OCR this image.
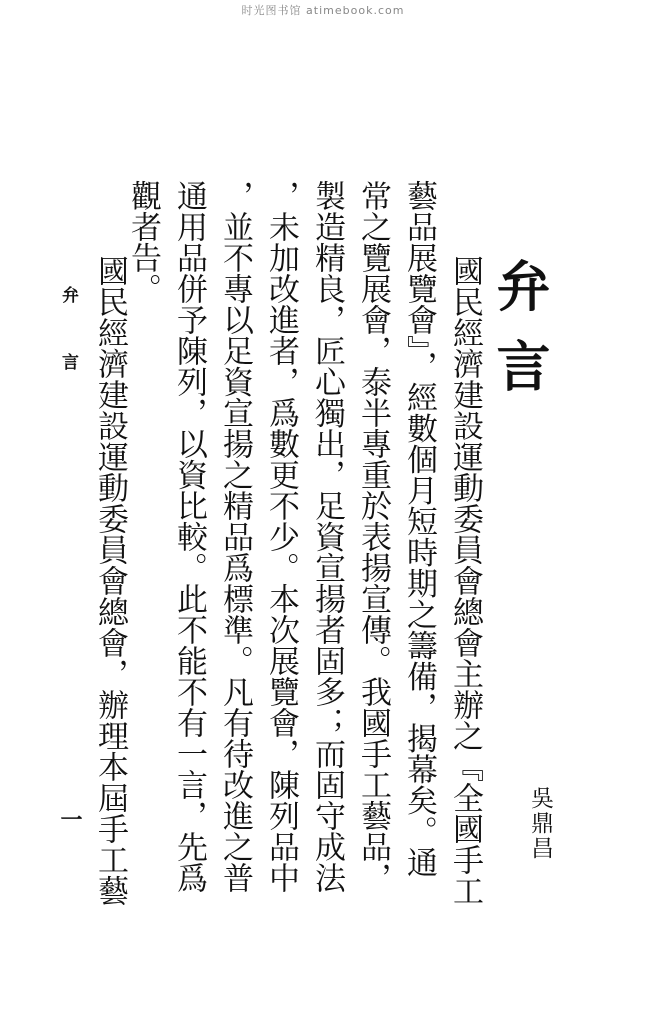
时光图书馆 atimebook.com
弁言
國民經濟建設運動委員會總會主辦之『全國手工
藝品展覽會』，經數個月短時期之籌備，揭幕矣。通
常之覽展會，泰半專重於表揚宣傳。我國手工藝品，
製造精良，匠心獨出，足資宣揚者固多；而固守成法
，未加改進者，爲數更不少。本次展覽會，陳列品中
，並不專以足資宣揚之精品爲標準。凡有待改進之普
通用品併予陳列，以資比較。此不能不有一言，先爲
觀者告。
國民經濟建設運動委員會總會，辦理本屆手工藝	吳鼎昌
弁言
一
